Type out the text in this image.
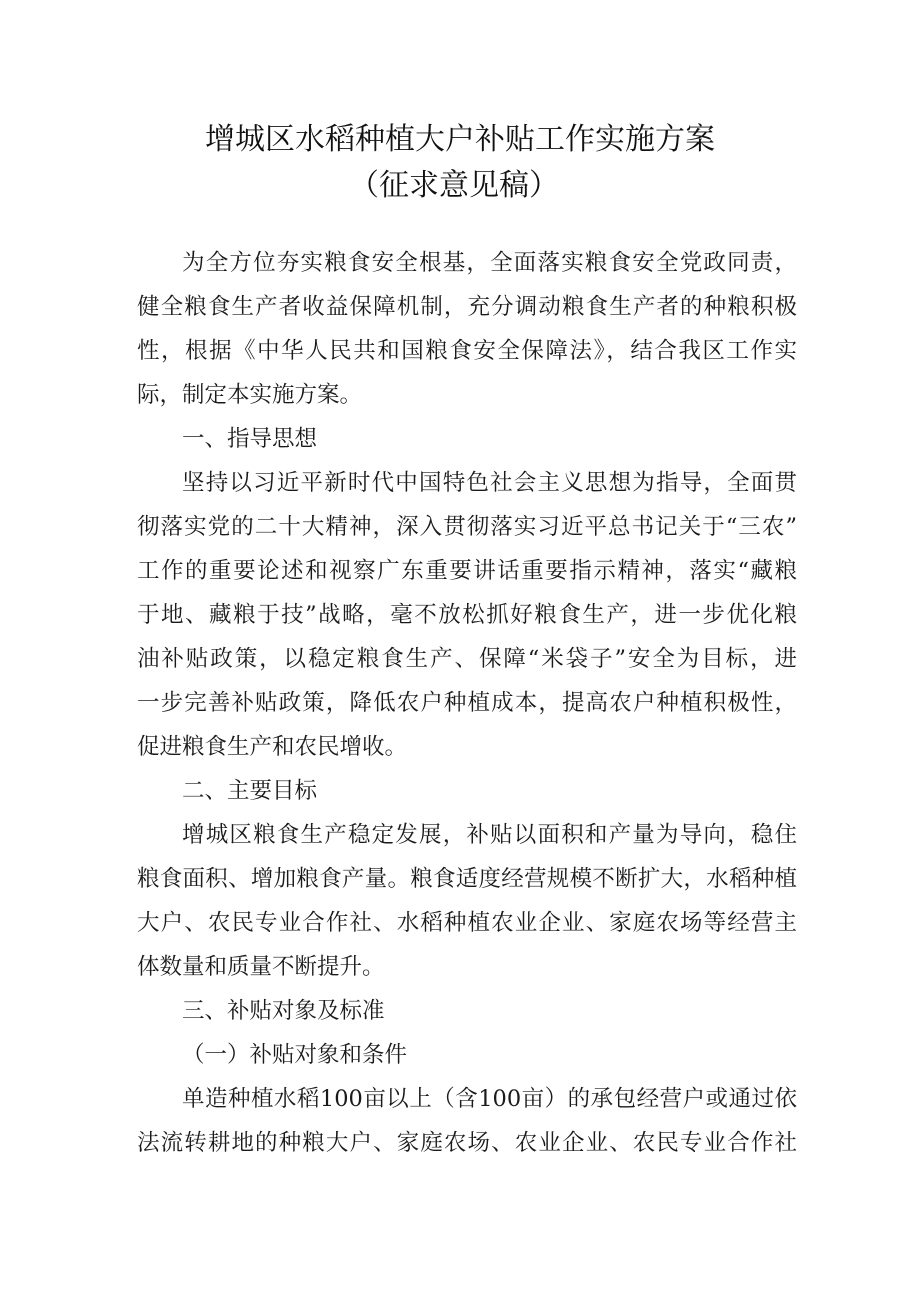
增城区水稻种植大户补贴工作实施方案
（征求意见稿）
为全方位夯实粮食安全根基，全面落实粮食安全党政同责，
健全粮食生产者收益保障机制，充分调动粮食生产者的种粮积极
性，根据《中华人民共和国粮食安全保障法》，结合我区工作实
际，制定本实施方案。
一、指导思想
坚持以习近平新时代中国特色社会主义思想为指导，全面贯
彻落实党的二十大精神，深入贯彻落实习近平总书记关于“三农”
工作的重要论述和视察广东重要讲话重要指示精神，落实“藏粮
于地、藏粮于技”战略，毫不放松抓好粮食生产，进一步优化粮
油补贴政策，以稳定粮食生产、保障“米袋子”安全为目标，进
一步完善补贴政策，降低农户种植成本，提高农户种植积极性，
促进粮食生产和农民增收。
二、主要目标
增城区粮食生产稳定发展，补贴以面积和产量为导向，稳住
粮食面积、增加粮食产量。粮食适度经营规模不断扩大，水稻种植
大户、农民专业合作社、水稻种植农业企业、家庭农场等经营主
体数量和质量不断提升。
三、补贴对象及标准
（一）补贴对象和条件
单造种植水稻100亩以上（含100亩）的承包经营户或通过依
法流转耕地的种粮大户、家庭农场、农业企业、农民专业合作社
